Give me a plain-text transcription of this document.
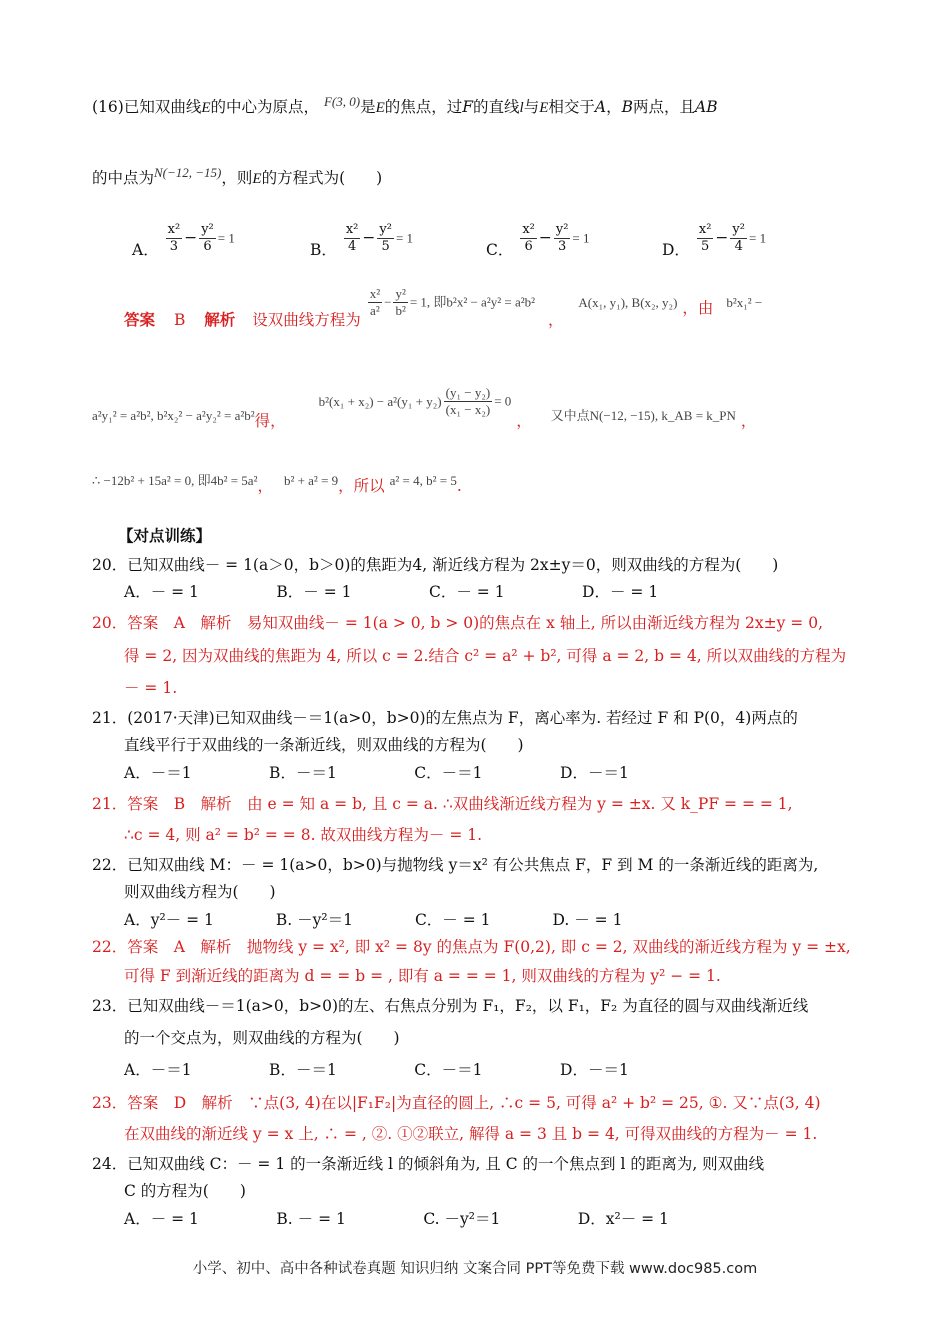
(16)已知双曲线E的中心为原点， $^{F(3, 0)}$是E的焦点，过F的直线l与E相交于A，B两点，且AB
的中点为$^{N(-12, -15)}$，则E的方程式为(　　)
A． $\frac{\text{x²}}{3} - \frac{\text{y²}}{6} = 1$
B． $\frac{\text{x²}}{4} - \frac{\text{y²}}{5} = 1$
C． $\frac{\text{x²}}{6} - \frac{\text{y²}}{3} = 1$
D． $\frac{\text{x²}}{5} - \frac{\text{y²}}{4} = 1$
答案 B 解析 设双曲线方程为
$\frac{\text{x²}}{\text{a²}} - \frac{\text{y²}}{\text{b²}} = 1$, 即b²x² − a²y² = a²b² ， A(x₁, y₁), B(x₂, y₂) ，由 b²x₁² −
$_{a^2y_1^2 = a^2b^2, b^2x_2^2 - a^2y_2^2 = a^2b^2}$得， $b^2(x_1 + x_2) - a^2(y_1 + y_2) \frac{\text{(y₁ − y₂)}}{\text{(x₁ − x₂)}} = 0$ ， $_{又中点N(-12, -15), k\_AB = k\_PN}$ ，
∴ −12b² + 15a² = 0, 即4b² = 5a²， b² + a² = 9，所以 a² = 4, b² = 5.
【对点训练】
20．已知双曲线－ = 1(a＞0，b＞0)的焦距为4, 渐近线方程为 2x±y＝0，则双曲线的方程为(　　)
A．－ = 1　　　　　B．－ = 1　　　　　C．－ = 1　　　　　D．－ = 1
20．答案　A　解析　易知双曲线－ = 1(a > 0, b > 0)的焦点在 x 轴上, 所以由渐近线方程为 2x±y = 0,
得 = 2, 因为双曲线的焦距为 4, 所以 c = 2.结合 c² = a² + b², 可得 a = 2, b = 4, 所以双曲线的方程为
－ = 1.
21．(2017·天津)已知双曲线－＝1(a>0，b>0)的左焦点为 F，离心率为. 若经过 F 和 P(0，4)两点的
直线平行于双曲线的一条渐近线，则双曲线的方程为(　　)
A．－＝1　　　　　B．－＝1　　　　　C．－＝1　　　　　D．－＝1
21．答案　B　解析　由 e = 知 a = b, 且 c = a. ∴双曲线渐近线方程为 y = ±x. 又 k_PF = = = 1,
∴c = 4, 则 a² = b² = = 8. 故双曲线方程为－ = 1.
22．已知双曲线 M：－ = 1(a>0，b>0)与抛物线 y＝x² 有公共焦点 F，F 到 M 的一条渐近线的距离为,
则双曲线方程为(　　)
A．y²－ = 1　　　　B. －y²＝1　　　　C．－ = 1　　　　D. － = 1
22．答案　A　解析　抛物线 y = x², 即 x² = 8y 的焦点为 F(0,2), 即 c = 2, 双曲线的渐近线方程为 y = ±x,
可得 F 到渐近线的距离为 d = = b = , 即有 a = = = 1, 则双曲线的方程为 y² − = 1.
23．已知双曲线－＝1(a>0，b>0)的左、右焦点分别为 F₁，F₂，以 F₁，F₂ 为直径的圆与双曲线渐近线
的一个交点为，则双曲线的方程为(　　)
A．－＝1　　　　　B．－＝1　　　　　C．－＝1　　　　　D．－＝1
23．答案　D　解析　∵点(3, 4)在以|F₁F₂|为直径的圆上, ∴c = 5, 可得 a² + b² = 25, ①. 又∵点(3, 4)
在双曲线的渐近线 y = x 上, ∴ = , ②. ①②联立, 解得 a = 3 且 b = 4, 可得双曲线的方程为－ = 1.
24．已知双曲线 C：－ = 1 的一条渐近线 l 的倾斜角为, 且 C 的一个焦点到 l 的距离为, 则双曲线
C 的方程为(　　)
A．－ = 1　　　　　B. － = 1　　　　　C. －y²＝1　　　　　D．x²－ = 1
小学、初中、高中各种试卷真题 知识归纳 文案合同 PPT等免费下载 www.doc985.com
